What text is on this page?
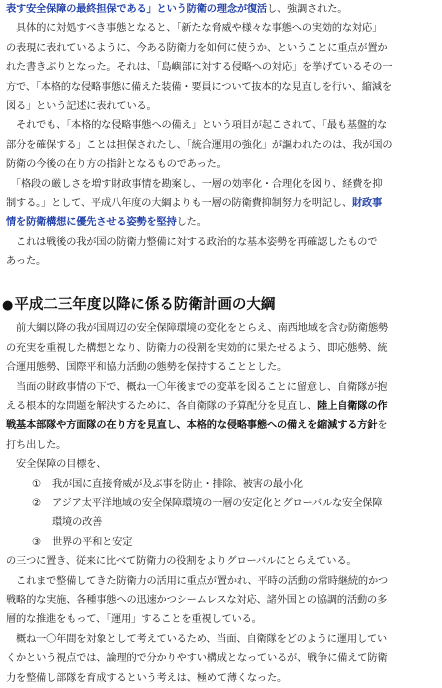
表す安全保障の最終担保である」という防衛の理念が復活し、強調された。
　具体的に対処すべき事態となると、「新たな脅威や様々な事態への実効的な対応」
の表現に表れているように、今ある防衛力を如何に使うか、ということに重点が置か
れた書きぶりとなった。それは、「島嶼部に対する侵略への対応」を挙げているその一
方で、「本格的な侵略事態に備えた装備・要員について抜本的な見直しを行い、縮減を
図る」という記述に表れている。
　それでも、「本格的な侵略事態への備え」という項目が起こされて、「最も基盤的な
部分を確保する」ことは担保されたし、「統合運用の強化」が謳われたのは、我が国の
防衛の今後の在り方の指針となるものであった。
　「格段の厳しさを増す財政事情を勘案し、一層の効率化・合理化を図り、経費を抑
制する。」として、平成八年度の大綱よりも一層の防衛費抑制努力を明記し、財政事
情を防衛構想に優先させる姿勢を堅持した。
　これは戦後の我が国の防衛力整備に対する政治的な基本姿勢を再確認したもので
あった。
●平成二三年度以降に係る防衛計画の大綱
　前大綱以降の我が国周辺の安全保障環境の変化をとらえ、南西地域を含む防衛態勢
の充実を重視した構想となり、防衛力の役割を実効的に果たせるよう、即応態勢、統
合運用態勢、国際平和協力活動の態勢を保持することとした。
　当面の財政事情の下で、概ね一〇年後までの変革を図ることに留意し、自衛隊が抱
える根本的な問題を解決するために、各自衛隊の予算配分を見直し、陸上自衛隊の作
戦基本部隊や方面隊の在り方を見直し、本格的な侵略事態への備えを縮減する方針を
打ち出した。
　安全保障の目標を、
① 我が国に直接脅威が及ぶ事を防止・排除、被害の最小化
② アジア太平洋地域の安全保障環境の一層の安定化とグローバルな安全保障
環境の改善
③ 世界の平和と安定
の三つに置き、従来に比べて防衛力の役割をよりグローバルにとらえている。
　これまで整備してきた防衛力の活用に重点が置かれ、平時の活動の常時継続的かつ
戦略的な実施、各種事態への迅速かつシームレスな対応、諸外国との協調的活動の多
層的な推進をもって、「運用」することを重視している。
　概ね一〇年間を対象として考えているため、当面、自衛隊をどのように運用してい
くかという視点では、論理的で分かりやすい構成となっているが、戦争に備えて防衛
力を整備し部隊を育成するという考えは、極めて薄くなった。
